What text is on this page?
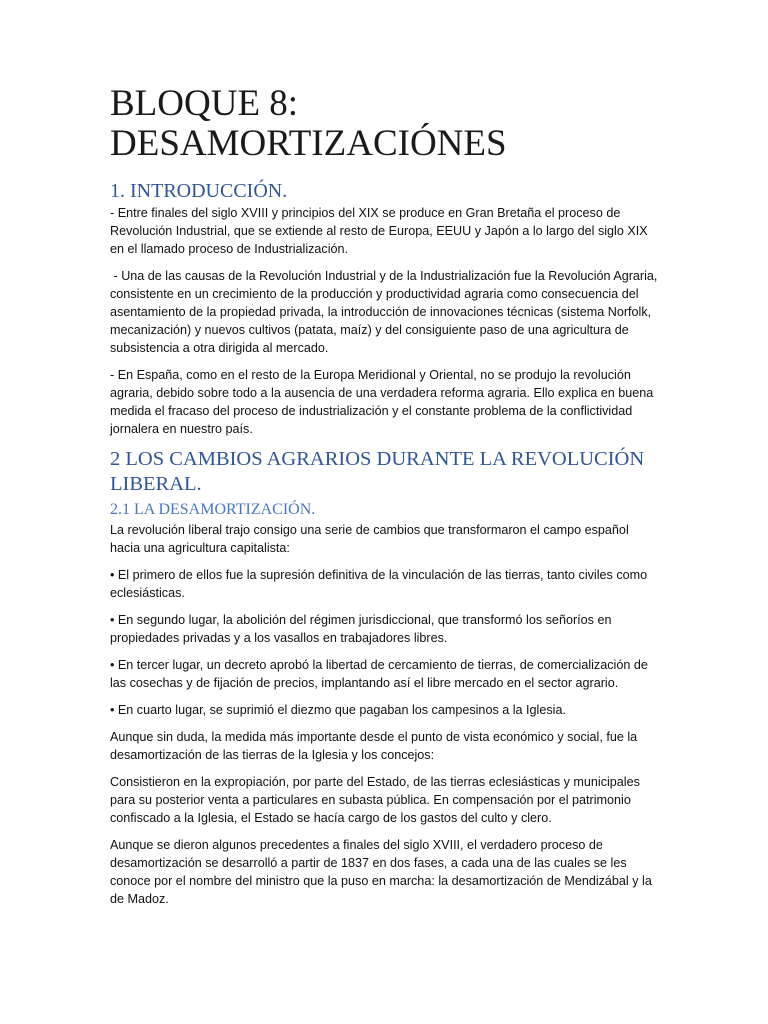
BLOQUE 8:
DESAMORTIZACIÓNES
1. INTRODUCCIÓN.

- Entre finales del siglo XVIII y principios del XIX se produce en Gran Bretaña el proceso de Revolución Industrial, que se extiende al resto de Europa, EEUU y Japón a lo largo del siglo XIX en el llamado proceso de Industrialización.

- Una de las causas de la Revolución Industrial y de la Industrialización fue la Revolución Agraria, consistente en un crecimiento de la producción y productividad agraria como consecuencia del asentamiento de la propiedad privada, la introducción de innovaciones técnicas (sistema Norfolk, mecanización) y nuevos cultivos (patata, maíz) y del consiguiente paso de una agricultura de subsistencia a otra dirigida al mercado.

- En España, como en el resto de la Europa Meridional y Oriental, no se produjo la revolución agraria, debido sobre todo a la ausencia de una verdadera reforma agraria. Ello explica en buena medida el fracaso del proceso de industrialización y el constante problema de la conflictividad jornalera en nuestro país.

2 LOS CAMBIOS AGRARIOS DURANTE LA REVOLUCIÓN LIBERAL.
2.1 LA DESAMORTIZACIÓN.

La revolución liberal trajo consigo una serie de cambios que transformaron el campo español hacia una agricultura capitalista:

• El primero de ellos fue la supresión definitiva de la vinculación de las tierras, tanto civiles como eclesiásticas.

• En segundo lugar, la abolición del régimen jurisdiccional, que transformó los señoríos en propiedades privadas y a los vasallos en trabajadores libres.

• En tercer lugar, un decreto aprobó la libertad de cercamiento de tierras, de comercialización de las cosechas y de fijación de precios, implantando así el libre mercado en el sector agrario.

• En cuarto lugar, se suprimió el diezmo que pagaban los campesinos a la Iglesia.

Aunque sin duda, la medida más importante desde el punto de vista económico y social, fue la desamortización de las tierras de la Iglesia y los concejos:

Consistieron en la expropiación, por parte del Estado, de las tierras eclesiásticas y municipales para su posterior venta a particulares en subasta pública. En compensación por el patrimonio confiscado a la Iglesia, el Estado se hacía cargo de los gastos del culto y clero.

Aunque se dieron algunos precedentes a finales del siglo XVIII, el verdadero proceso de desamortización se desarrolló a partir de 1837 en dos fases, a cada una de las cuales se les conoce por el nombre del ministro que la puso en marcha: la desamortización de Mendizábal y la de Madoz.
